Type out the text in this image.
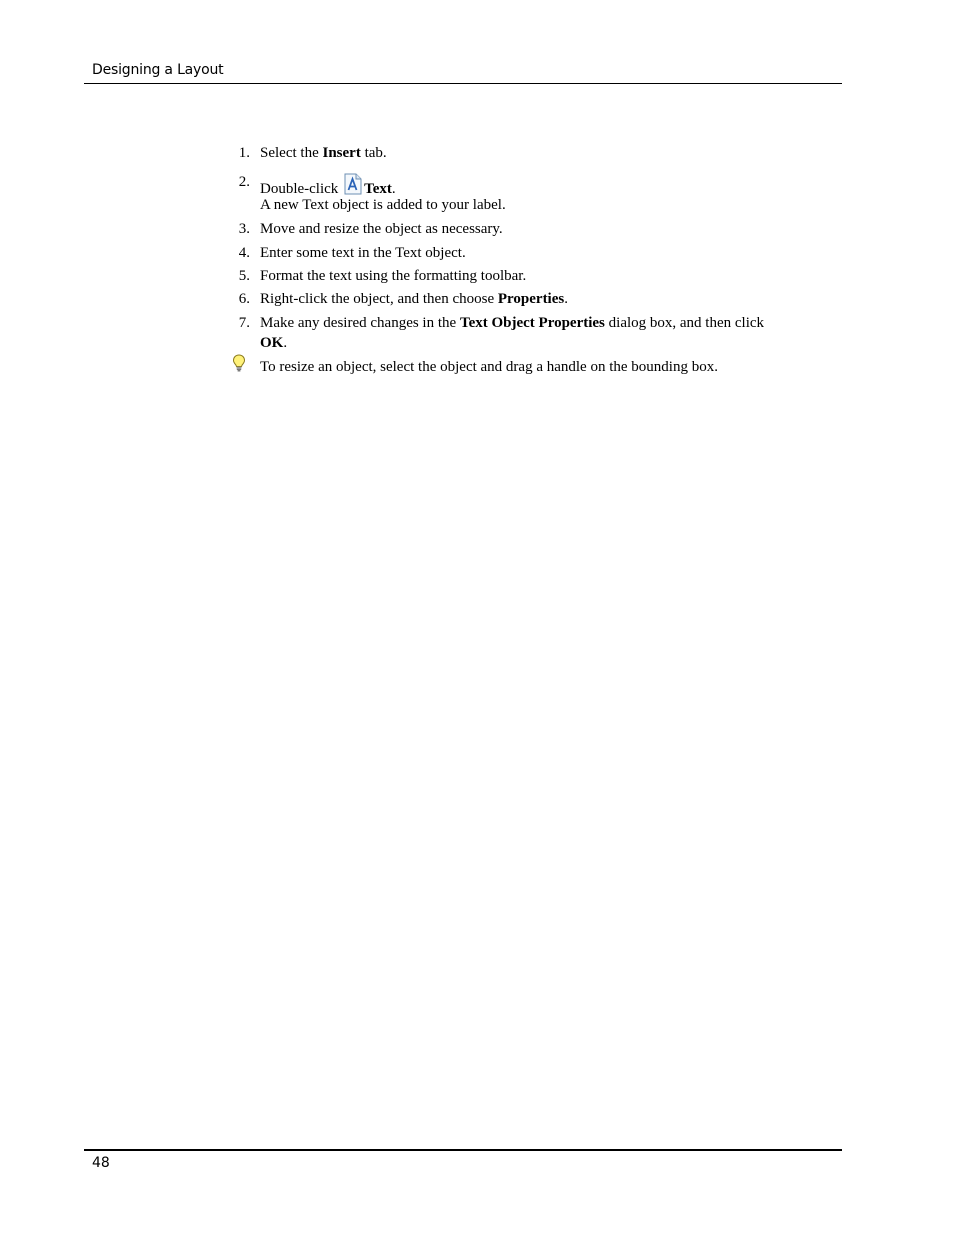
Designing a Layout
1. Select the Insert tab.
2. Double-click Text.
A new Text object is added to your label.
3. Move and resize the object as necessary.
4. Enter some text in the Text object.
5. Format the text using the formatting toolbar.
6. Right-click the object, and then choose Properties.
7. Make any desired changes in the Text Object Properties dialog box, and then click
OK.
To resize an object, select the object and drag a handle on the bounding box.
48
